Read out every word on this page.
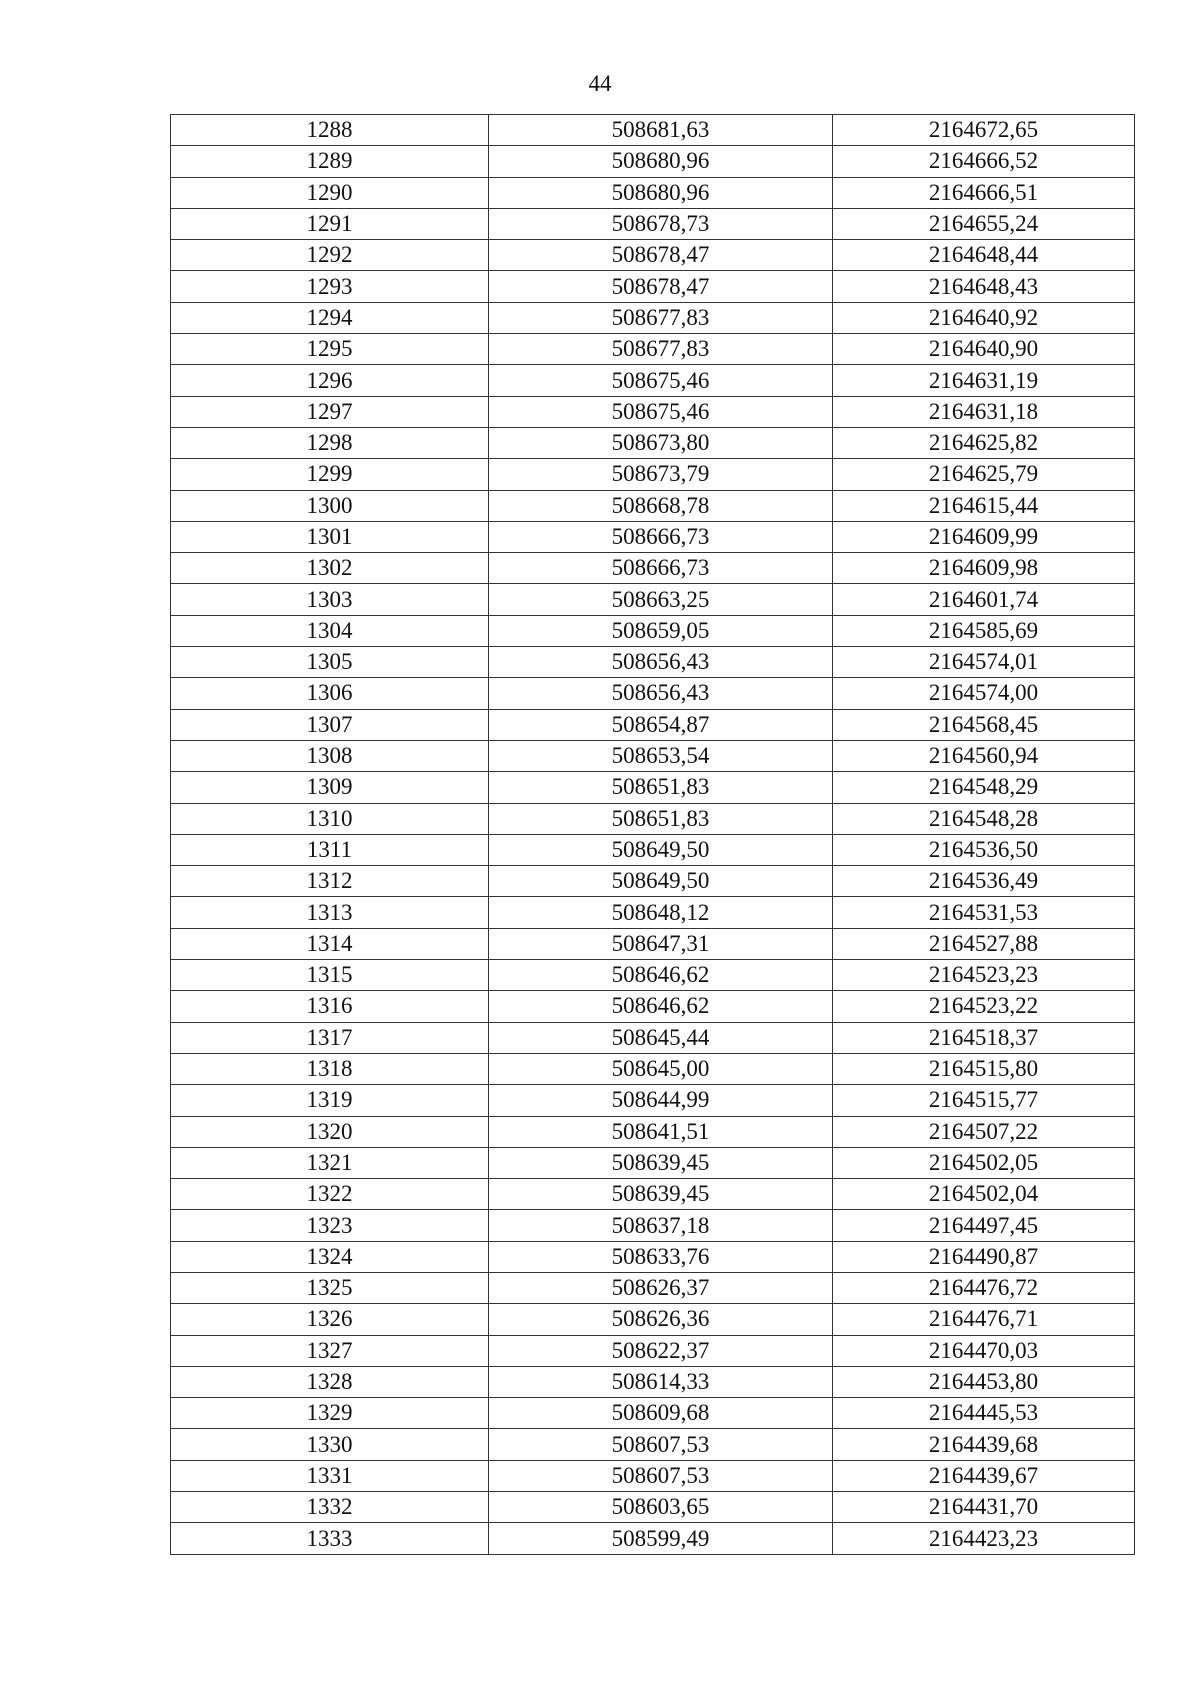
44
1288	508681,63	2164672,65
1289	508680,96	2164666,52
1290	508680,96	2164666,51
1291	508678,73	2164655,24
1292	508678,47	2164648,44
1293	508678,47	2164648,43
1294	508677,83	2164640,92
1295	508677,83	2164640,90
1296	508675,46	2164631,19
1297	508675,46	2164631,18
1298	508673,80	2164625,82
1299	508673,79	2164625,79
1300	508668,78	2164615,44
1301	508666,73	2164609,99
1302	508666,73	2164609,98
1303	508663,25	2164601,74
1304	508659,05	2164585,69
1305	508656,43	2164574,01
1306	508656,43	2164574,00
1307	508654,87	2164568,45
1308	508653,54	2164560,94
1309	508651,83	2164548,29
1310	508651,83	2164548,28
1311	508649,50	2164536,50
1312	508649,50	2164536,49
1313	508648,12	2164531,53
1314	508647,31	2164527,88
1315	508646,62	2164523,23
1316	508646,62	2164523,22
1317	508645,44	2164518,37
1318	508645,00	2164515,80
1319	508644,99	2164515,77
1320	508641,51	2164507,22
1321	508639,45	2164502,05
1322	508639,45	2164502,04
1323	508637,18	2164497,45
1324	508633,76	2164490,87
1325	508626,37	2164476,72
1326	508626,36	2164476,71
1327	508622,37	2164470,03
1328	508614,33	2164453,80
1329	508609,68	2164445,53
1330	508607,53	2164439,68
1331	508607,53	2164439,67
1332	508603,65	2164431,70
1333	508599,49	2164423,23
